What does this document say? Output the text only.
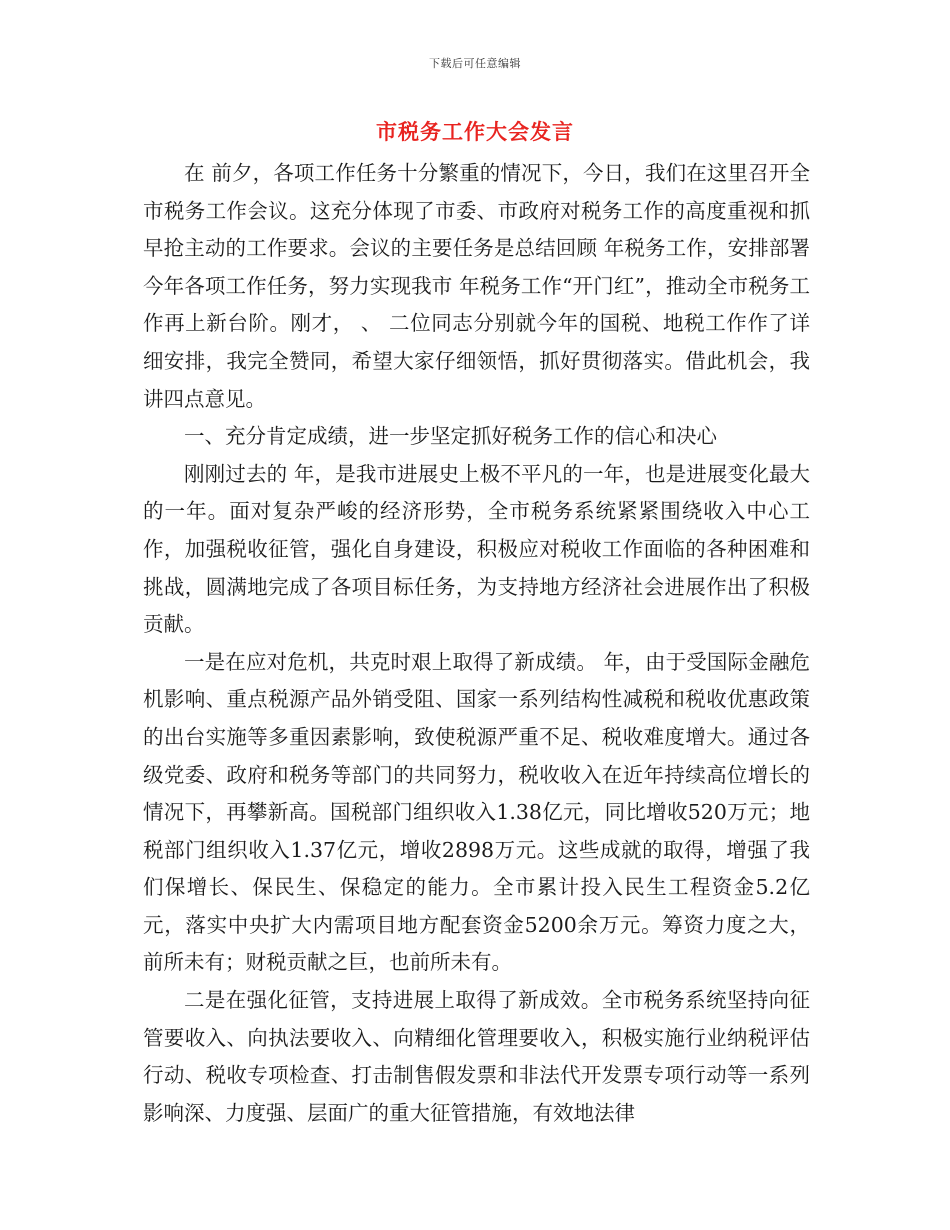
下载后可任意编辑
市税务工作大会发言

在 前夕，各项工作任务十分繁重的情况下，今日，我们在这里召开全市税务工作会议。这充分体现了市委、市政府对税务工作的高度重视和抓早抢主动的工作要求。会议的主要任务是总结回顾 年税务工作，安排部署今年各项工作任务，努力实现我市 年税务工作“开门红”，推动全市税务工作再上新台阶。刚才， 、 二位同志分别就今年的国税、地税工作作了详细安排，我完全赞同，希望大家仔细领悟，抓好贯彻落实。借此机会，我讲四点意见。

一、充分肯定成绩，进一步坚定抓好税务工作的信心和决心

刚刚过去的 年，是我市进展史上极不平凡的一年，也是进展变化最大的一年。面对复杂严峻的经济形势，全市税务系统紧紧围绕收入中心工作，加强税收征管，强化自身建设，积极应对税收工作面临的各种困难和挑战，圆满地完成了各项目标任务，为支持地方经济社会进展作出了积极贡献。

一是在应对危机，共克时艰上取得了新成绩。 年，由于受国际金融危机影响、重点税源产品外销受阻、国家一系列结构性减税和税收优惠政策的出台实施等多重因素影响，致使税源严重不足、税收难度增大。通过各级党委、政府和税务等部门的共同努力，税收收入在近年持续高位增长的情况下，再攀新高。国税部门组织收入1.38亿元，同比增收520万元；地税部门组织收入1.37亿元，增收2898万元。这些成就的取得，增强了我们保增长、保民生、保稳定的能力。全市累计投入民生工程资金5.2亿元，落实中央扩大内需项目地方配套资金5200余万元。筹资力度之大，前所未有；财税贡献之巨，也前所未有。

二是在强化征管，支持进展上取得了新成效。全市税务系统坚持向征管要收入、向执法要收入、向精细化管理要收入，积极实施行业纳税评估行动、税收专项检查、打击制售假发票和非法代开发票专项行动等一系列影响深、力度强、层面广的重大征管措施，有效地法律
